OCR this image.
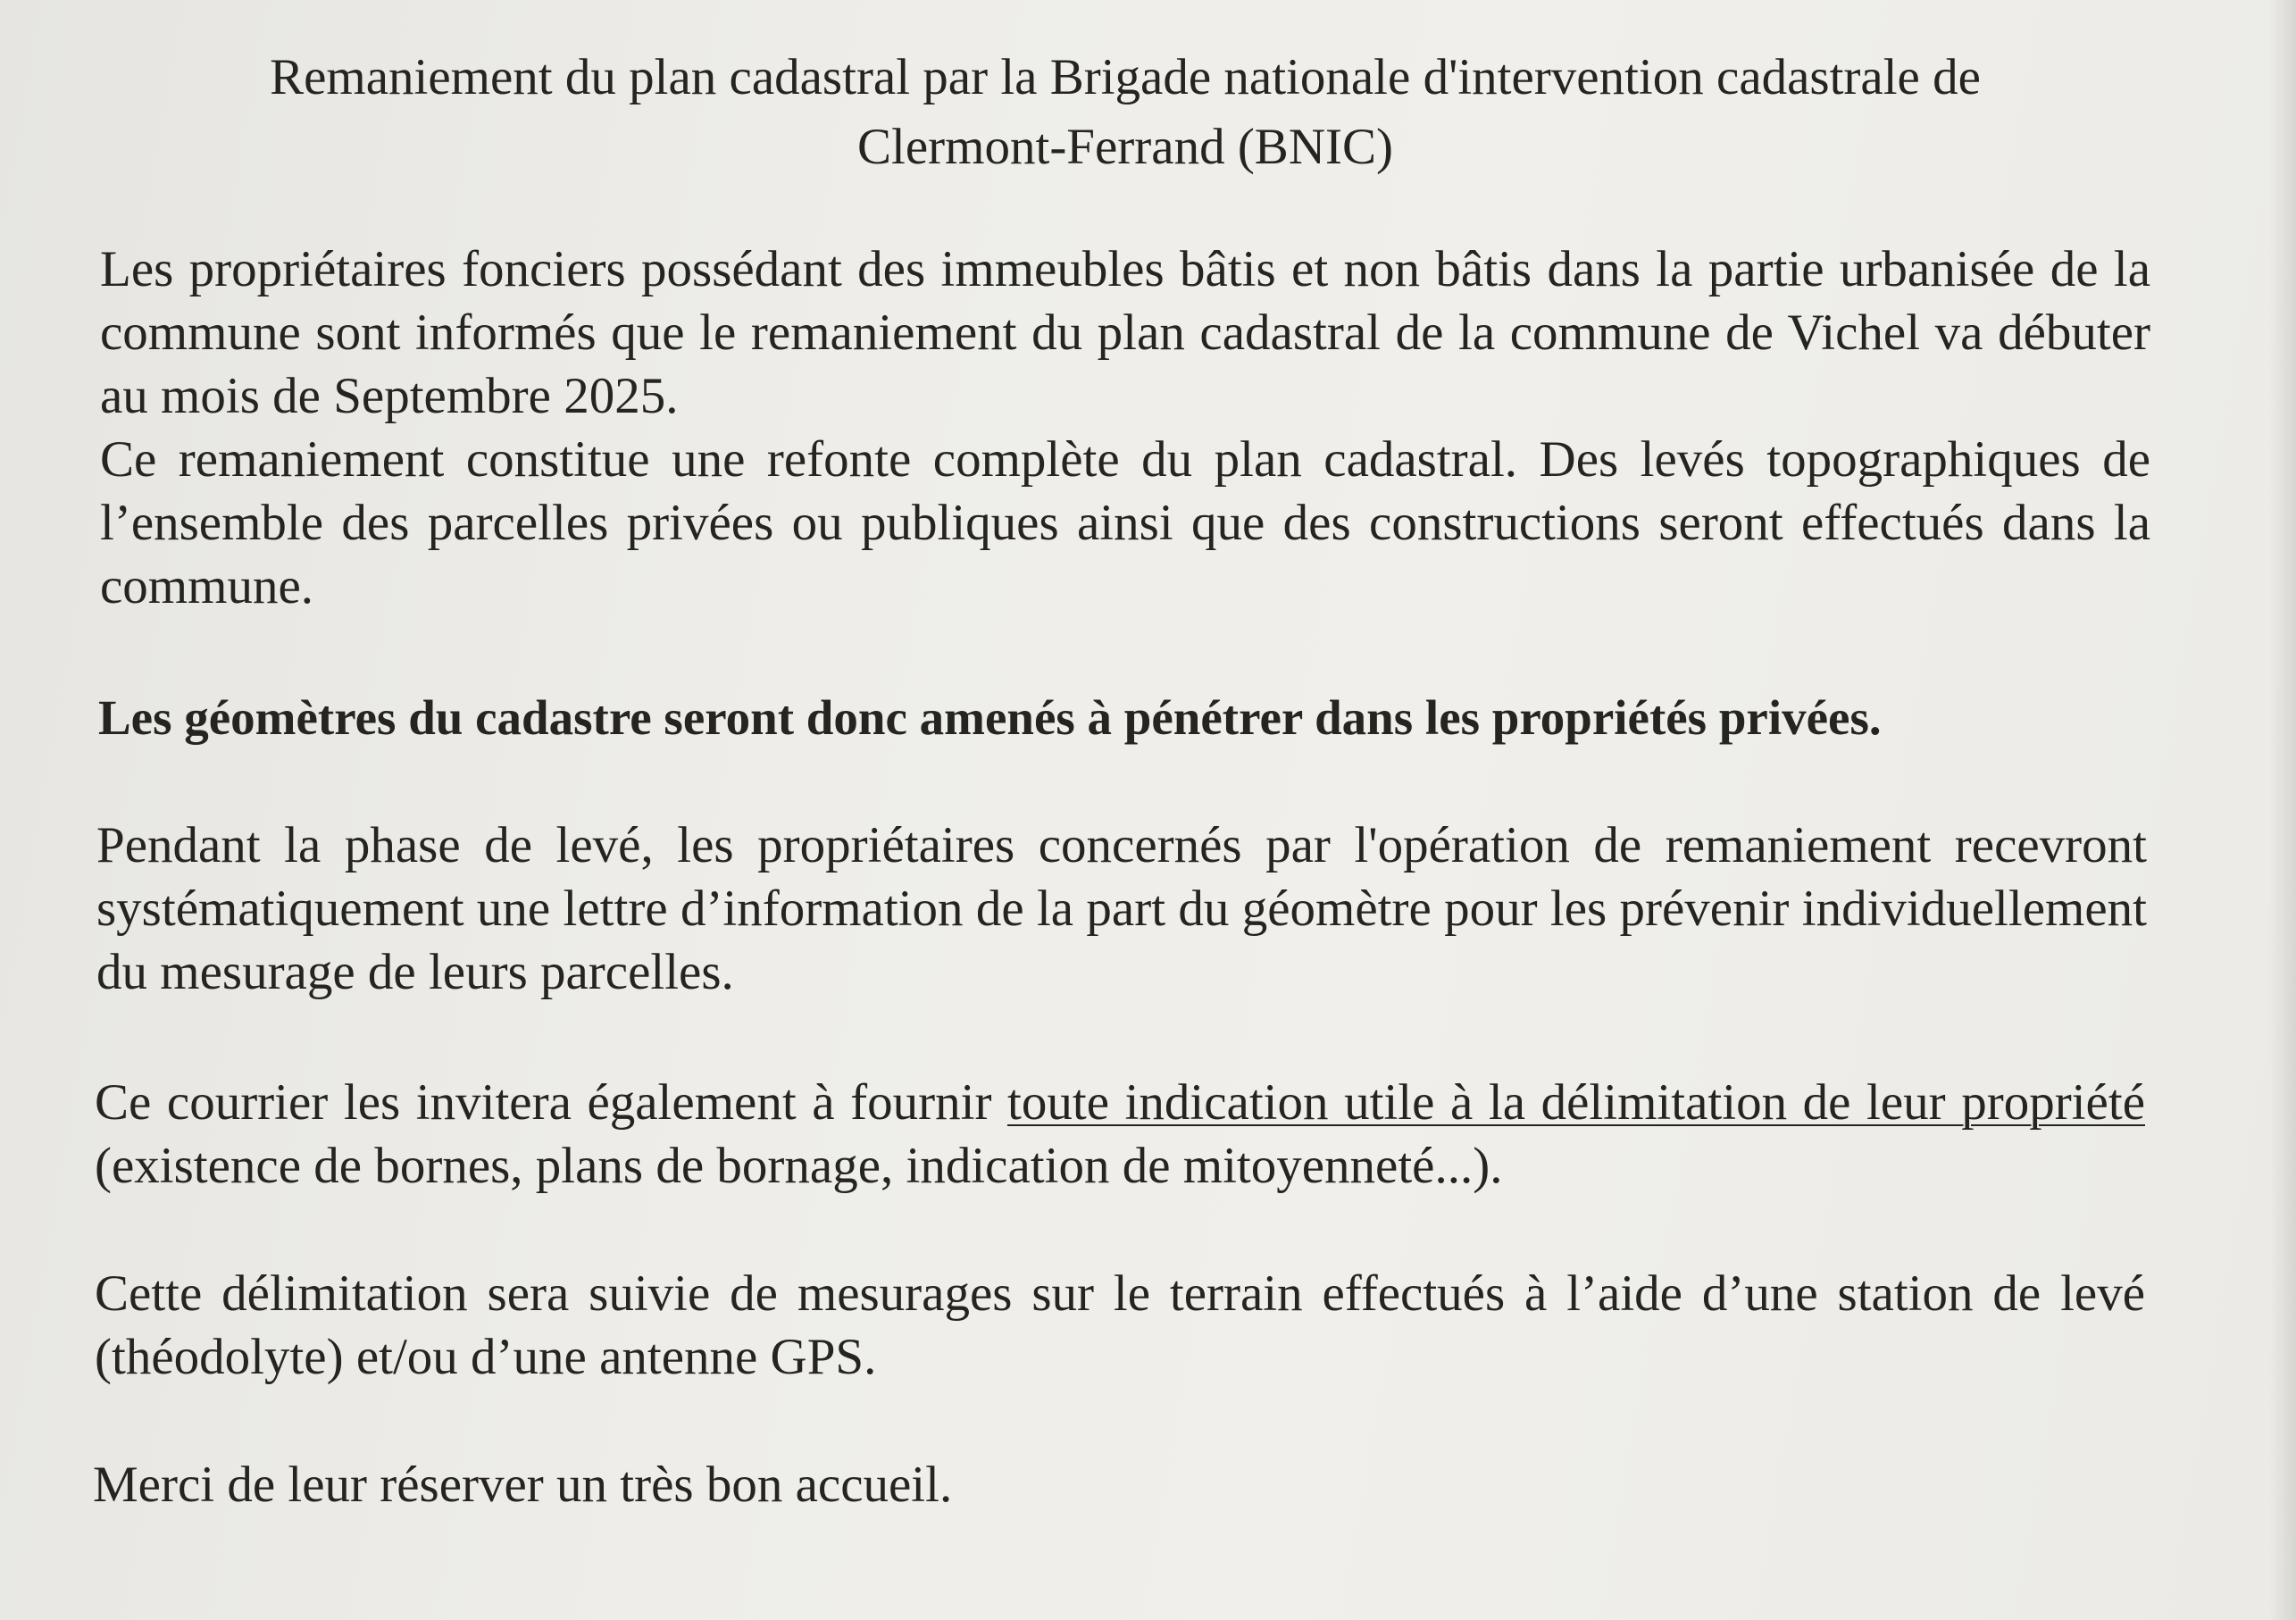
Remaniement du plan cadastral par la Brigade nationale d'intervention cadastrale de Clermont-Ferrand (BNIC)
Les propriétaires fonciers possédant des immeubles bâtis et non bâtis dans la partie urbanisée de la commune sont informés que le remaniement du plan cadastral de la commune de Vichel va débuter au mois de Septembre 2025.
Ce remaniement constitue une refonte complète du plan cadastral. Des levés topographiques de l’ensemble des parcelles privées ou publiques ainsi que des constructions seront effectués dans la commune.

Les géomètres du cadastre seront donc amenés à pénétrer dans les propriétés privées.

Pendant la phase de levé, les propriétaires concernés par l'opération de remaniement recevront systématiquement une lettre d’information de la part du géomètre pour les prévenir individuellement du mesurage de leurs parcelles.

Ce courrier les invitera également à fournir toute indication utile à la délimitation de leur propriété (existence de bornes, plans de bornage, indication de mitoyenneté...).

Cette délimitation sera suivie de mesurages sur le terrain effectués à l’aide d’une station de levé (théodolyte) et/ou d’une antenne GPS.

Merci de leur réserver un très bon accueil.
